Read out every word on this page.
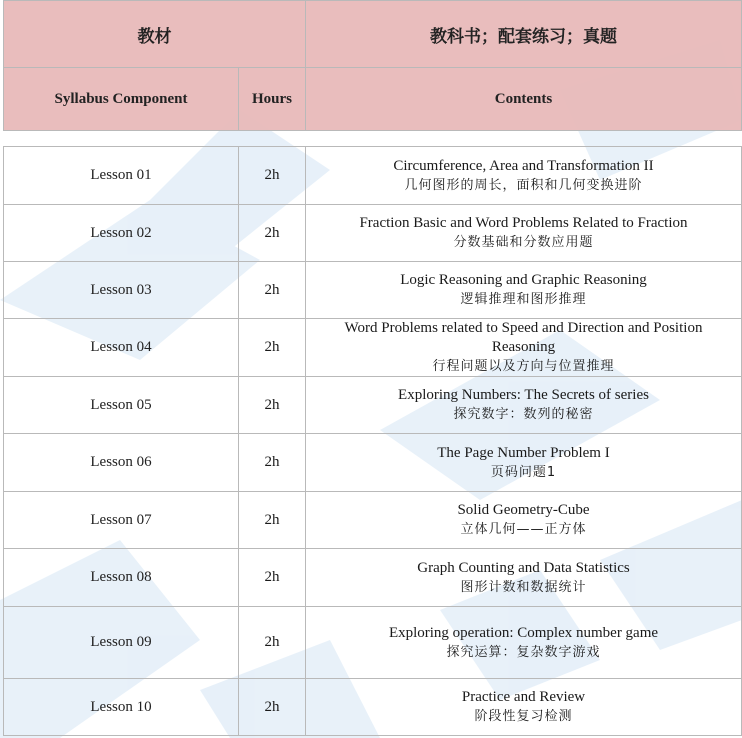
教材		教科书；配套练习；真题
Syllabus Component	Hours	Contents
Lesson 01	2h	Circumference, Area and Transformation II
几何图形的周长，面积和几何变换进阶

Lesson 02	2h	Fraction Basic and Word Problems Related to Fraction
分数基础和分数应用题

Lesson 03	2h	Logic Reasoning and Graphic Reasoning
逻辑推理和图形推理

Lesson 04	2h	Word Problems related to Speed and Direction and Position Reasoning
行程问题以及方向与位置推理

Lesson 05	2h	Exploring Numbers: The Secrets of series
探究数字：数列的秘密

Lesson 06	2h	The Page Number Problem I
页码问题1

Lesson 07	2h	Solid Geometry-Cube
立体几何——正方体

Lesson 08	2h	Graph Counting and Data Statistics
图形计数和数据统计

Lesson 09	2h	Exploring operation: Complex number game
探究运算：复杂数字游戏

Lesson 10	2h	Practice and Review
阶段性复习检测
